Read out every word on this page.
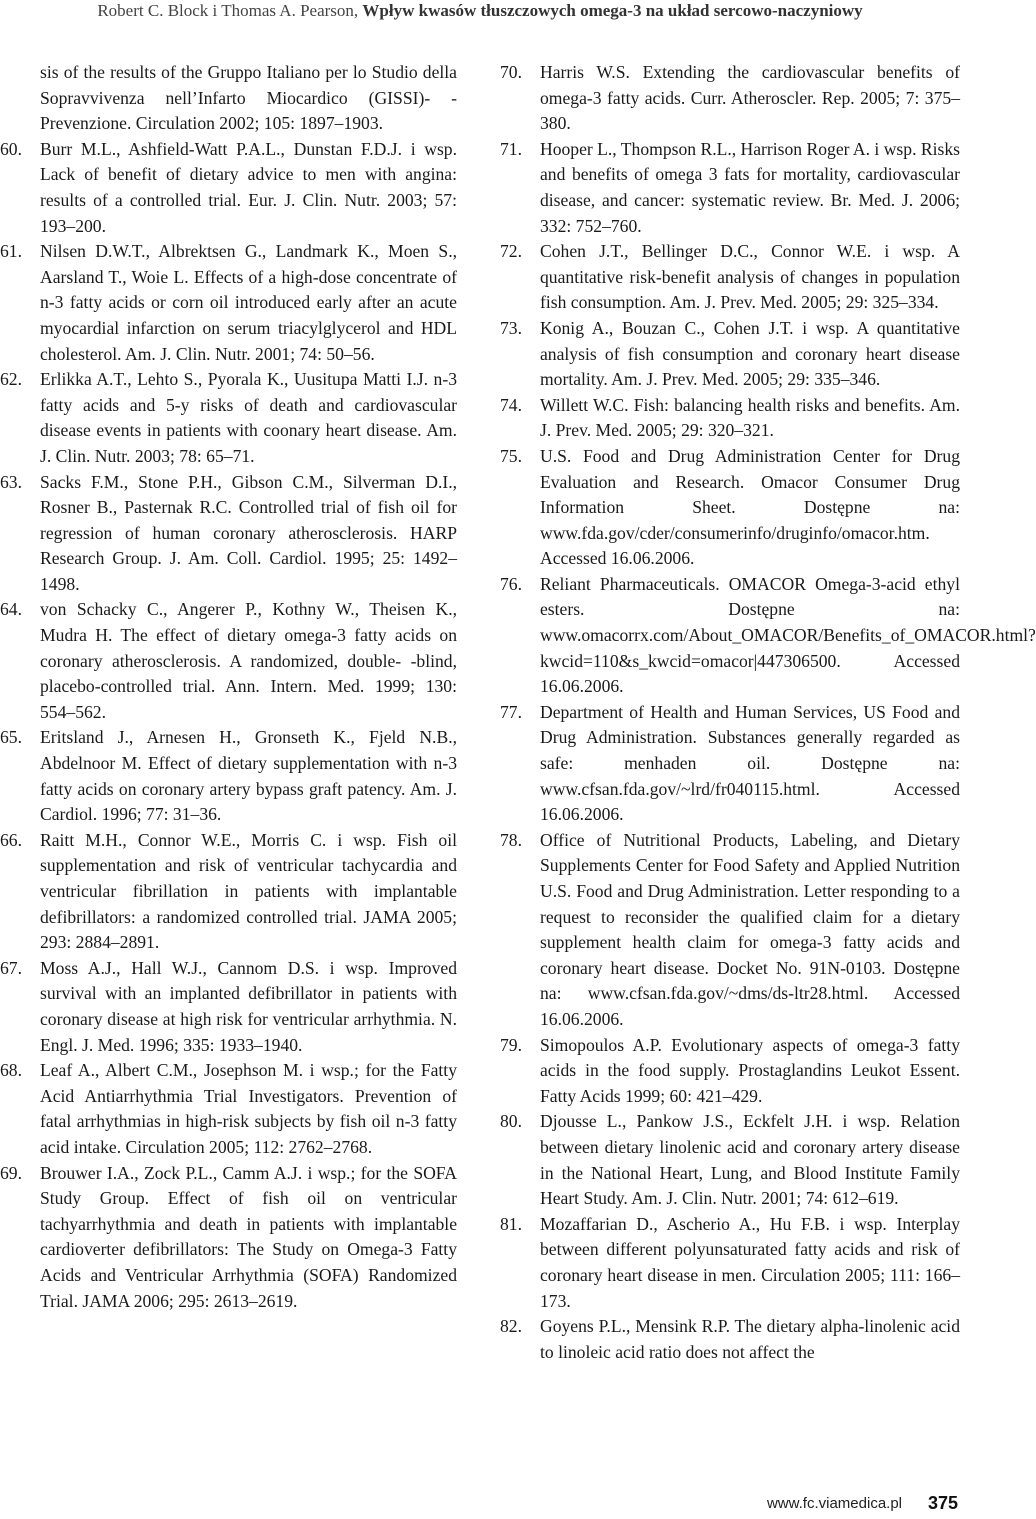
Robert C. Block i Thomas A. Pearson, Wpływ kwasów tłuszczowych omega-3 na układ sercowo-naczyniowy
sis of the results of the Gruppo Italiano per lo Studio della Sopravvivenza nell’Infarto Miocardico (GISSI)- -Prevenzione. Circulation 2002; 105: 1897–1903.
60. Burr M.L., Ashfield-Watt P.A.L., Dunstan F.D.J. i wsp. Lack of benefit of dietary advice to men with angina: results of a controlled trial. Eur. J. Clin. Nutr. 2003; 57: 193–200.
61. Nilsen D.W.T., Albrektsen G., Landmark K., Moen S., Aarsland T., Woie L. Effects of a high-dose concentrate of n-3 fatty acids or corn oil introduced early after an acute myocardial infarction on serum triacylglycerol and HDL cholesterol. Am. J. Clin. Nutr. 2001; 74: 50–56.
62. Erlikka A.T., Lehto S., Pyorala K., Uusitupa Matti I.J. n-3 fatty acids and 5-y risks of death and cardiovascular disease events in patients with coonary heart disease. Am. J. Clin. Nutr. 2003; 78: 65–71.
63. Sacks F.M., Stone P.H., Gibson C.M., Silverman D.I., Rosner B., Pasternak R.C. Controlled trial of fish oil for regression of human coronary atherosclerosis. HARP Research Group. J. Am. Coll. Cardiol. 1995; 25: 1492–1498.
64. von Schacky C., Angerer P., Kothny W., Theisen K., Mudra H. The effect of dietary omega-3 fatty acids on coronary atherosclerosis. A randomized, double- -blind, placebo-controlled trial. Ann. Intern. Med. 1999; 130: 554–562.
65. Eritsland J., Arnesen H., Gronseth K., Fjeld N.B., Abdelnoor M. Effect of dietary supplementation with n-3 fatty acids on coronary artery bypass graft patency. Am. J. Cardiol. 1996; 77: 31–36.
66. Raitt M.H., Connor W.E., Morris C. i wsp. Fish oil supplementation and risk of ventricular tachycardia and ventricular fibrillation in patients with implantable defibrillators: a randomized controlled trial. JAMA 2005; 293: 2884–2891.
67. Moss A.J., Hall W.J., Cannom D.S. i wsp. Improved survival with an implanted defibrillator in patients with coronary disease at high risk for ventricular arrhythmia. N. Engl. J. Med. 1996; 335: 1933–1940.
68. Leaf A., Albert C.M., Josephson M. i wsp.; for the Fatty Acid Antiarrhythmia Trial Investigators. Prevention of fatal arrhythmias in high-risk subjects by fish oil n-3 fatty acid intake. Circulation 2005; 112: 2762–2768.
69. Brouwer I.A., Zock P.L., Camm A.J. i wsp.; for the SOFA Study Group. Effect of fish oil on ventricular tachyarrhythmia and death in patients with implantable cardioverter defibrillators: The Study on Omega-3 Fatty Acids and Ventricular Arrhythmia (SOFA) Randomized Trial. JAMA 2006; 295: 2613–2619.
70. Harris W.S. Extending the cardiovascular benefits of omega-3 fatty acids. Curr. Atheroscler. Rep. 2005; 7: 375–380.
71. Hooper L., Thompson R.L., Harrison Roger A. i wsp. Risks and benefits of omega 3 fats for mortality, cardiovascular disease, and cancer: systematic review. Br. Med. J. 2006; 332: 752–760.
72. Cohen J.T., Bellinger D.C., Connor W.E. i wsp. A quantitative risk-benefit analysis of changes in population fish consumption. Am. J. Prev. Med. 2005; 29: 325–334.
73. Konig A., Bouzan C., Cohen J.T. i wsp. A quantitative analysis of fish consumption and coronary heart disease mortality. Am. J. Prev. Med. 2005; 29: 335–346.
74. Willett W.C. Fish: balancing health risks and benefits. Am. J. Prev. Med. 2005; 29: 320–321.
75. U.S. Food and Drug Administration Center for Drug Evaluation and Research. Omacor Consumer Drug Information Sheet. Dostępne na: www.fda.gov/cder/consumerinfo/druginfo/omacor.htm. Accessed 16.06.2006.
76. Reliant Pharmaceuticals. OMACOR Omega-3-acid ethyl esters. Dostępne na: www.omacorrx.com/About_OMACOR/Benefits_of_OMACOR.html?kwcid=110&s_kwcid=omacor|447306500. Accessed 16.06.2006.
77. Department of Health and Human Services, US Food and Drug Administration. Substances generally regarded as safe: menhaden oil. Dostępne na: www.cfsan.fda.gov/~lrd/fr040115.html. Accessed 16.06.2006.
78. Office of Nutritional Products, Labeling, and Dietary Supplements Center for Food Safety and Applied Nutrition U.S. Food and Drug Administration. Letter responding to a request to reconsider the qualified claim for a dietary supplement health claim for omega-3 fatty acids and coronary heart disease. Docket No. 91N-0103. Dostępne na: www.cfsan.fda.gov/~dms/ds-ltr28.html. Accessed 16.06.2006.
79. Simopoulos A.P. Evolutionary aspects of omega-3 fatty acids in the food supply. Prostaglandins Leukot Essent. Fatty Acids 1999; 60: 421–429.
80. Djousse L., Pankow J.S., Eckfelt J.H. i wsp. Relation between dietary linolenic acid and coronary artery disease in the National Heart, Lung, and Blood Institute Family Heart Study. Am. J. Clin. Nutr. 2001; 74: 612–619.
81. Mozaffarian D., Ascherio A., Hu F.B. i wsp. Interplay between different polyunsaturated fatty acids and risk of coronary heart disease in men. Circulation 2005; 111: 166–173.
82. Goyens P.L., Mensink R.P. The dietary alpha-linolenic acid to linoleic acid ratio does not affect the
www.fc.viamedica.pl 375
